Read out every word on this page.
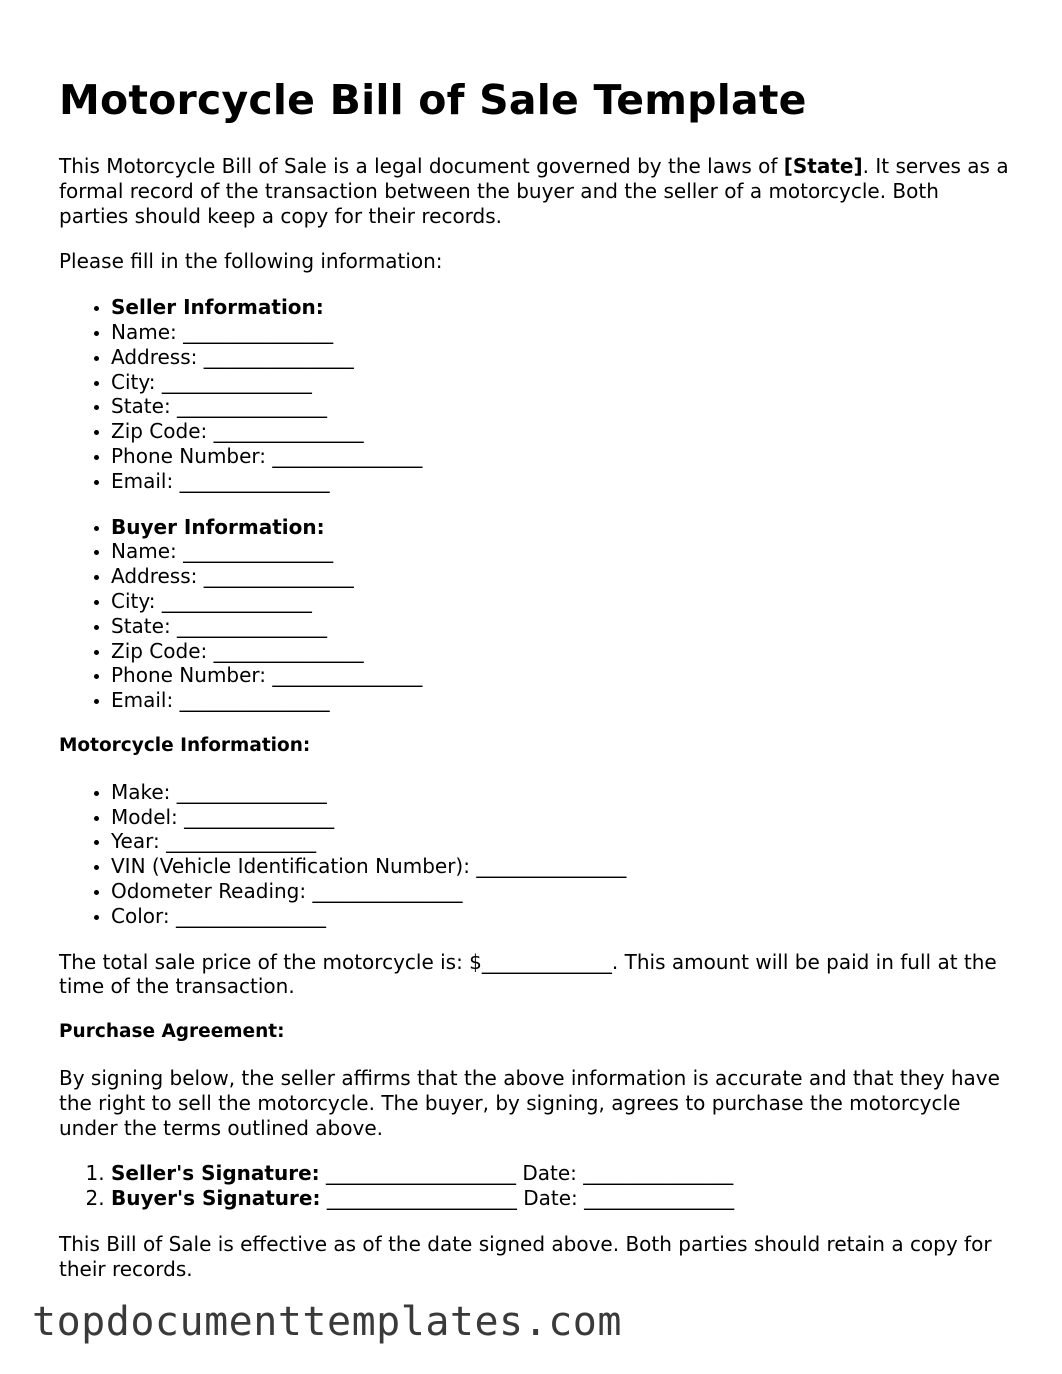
Motorcycle Bill of Sale Template

This Motorcycle Bill of Sale is a legal document governed by the laws of [State]. It serves as a formal record of the transaction between the buyer and the seller of a motorcycle. Both parties should keep a copy for their records.

Please fill in the following information:

• Seller Information:
• Name: _______________
• Address: _______________
• City: _______________
• State: _______________
• Zip Code: _______________
• Phone Number: _______________
• Email: _______________
• Buyer Information:
• Name: _______________
• Address: _______________
• City: _______________
• State: _______________
• Zip Code: _______________
• Phone Number: _______________
• Email: _______________
Motorcycle Information:
• Make: _______________
• Model: _______________
• Year: _______________
• VIN (Vehicle Identification Number): _______________
• Odometer Reading: _______________
• Color: _______________

The total sale price of the motorcycle is: $_____________. This amount will be paid in full at the time of the transaction.

Purchase Agreement:

By signing below, the seller affirms that the above information is accurate and that they have the right to sell the motorcycle. The buyer, by signing, agrees to purchase the motorcycle under the terms outlined above.

1. Seller's Signature: ___________________ Date: _______________
2. Buyer's Signature: ___________________ Date: _______________

This Bill of Sale is effective as of the date signed above. Both parties should retain a copy for their records.

topdocumenttemplates.com
